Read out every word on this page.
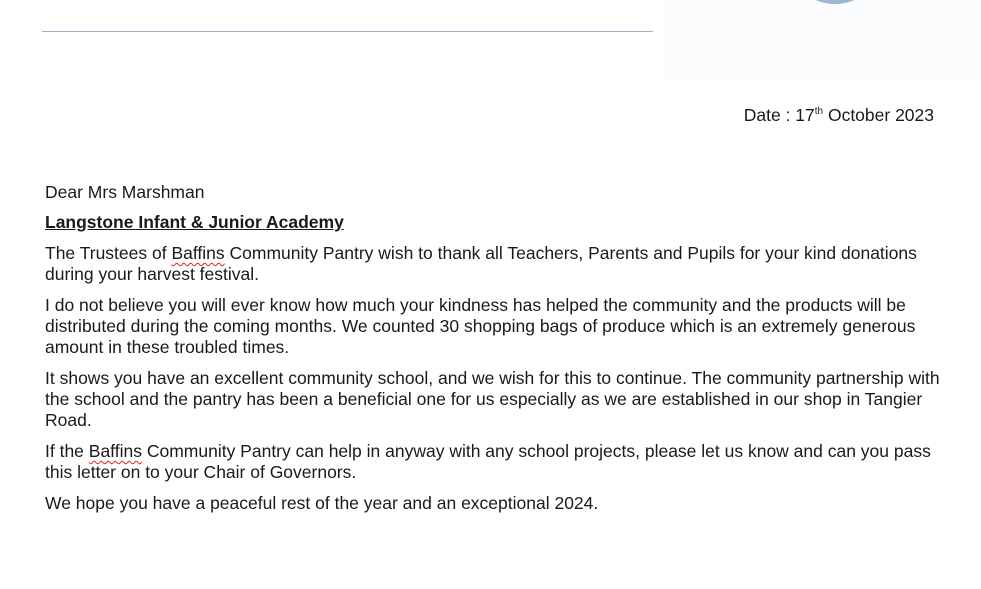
Date : 17th October 2023

Dear Mrs Marshman

Langstone Infant & Junior Academy

The Trustees of Baffins Community Pantry wish to thank all Teachers, Parents and Pupils for your kind donations during your harvest festival.

I do not believe you will ever know how much your kindness has helped the community and the products will be distributed during the coming months. We counted 30 shopping bags of produce which is an extremely generous amount in these troubled times.

It shows you have an excellent community school, and we wish for this to continue. The community partnership with the school and the pantry has been a beneficial one for us especially as we are established in our shop in Tangier Road.

If the Baffins Community Pantry can help in anyway with any school projects, please let us know and can you pass this letter on to your Chair of Governors.

We hope you have a peaceful rest of the year and an exceptional 2024.
